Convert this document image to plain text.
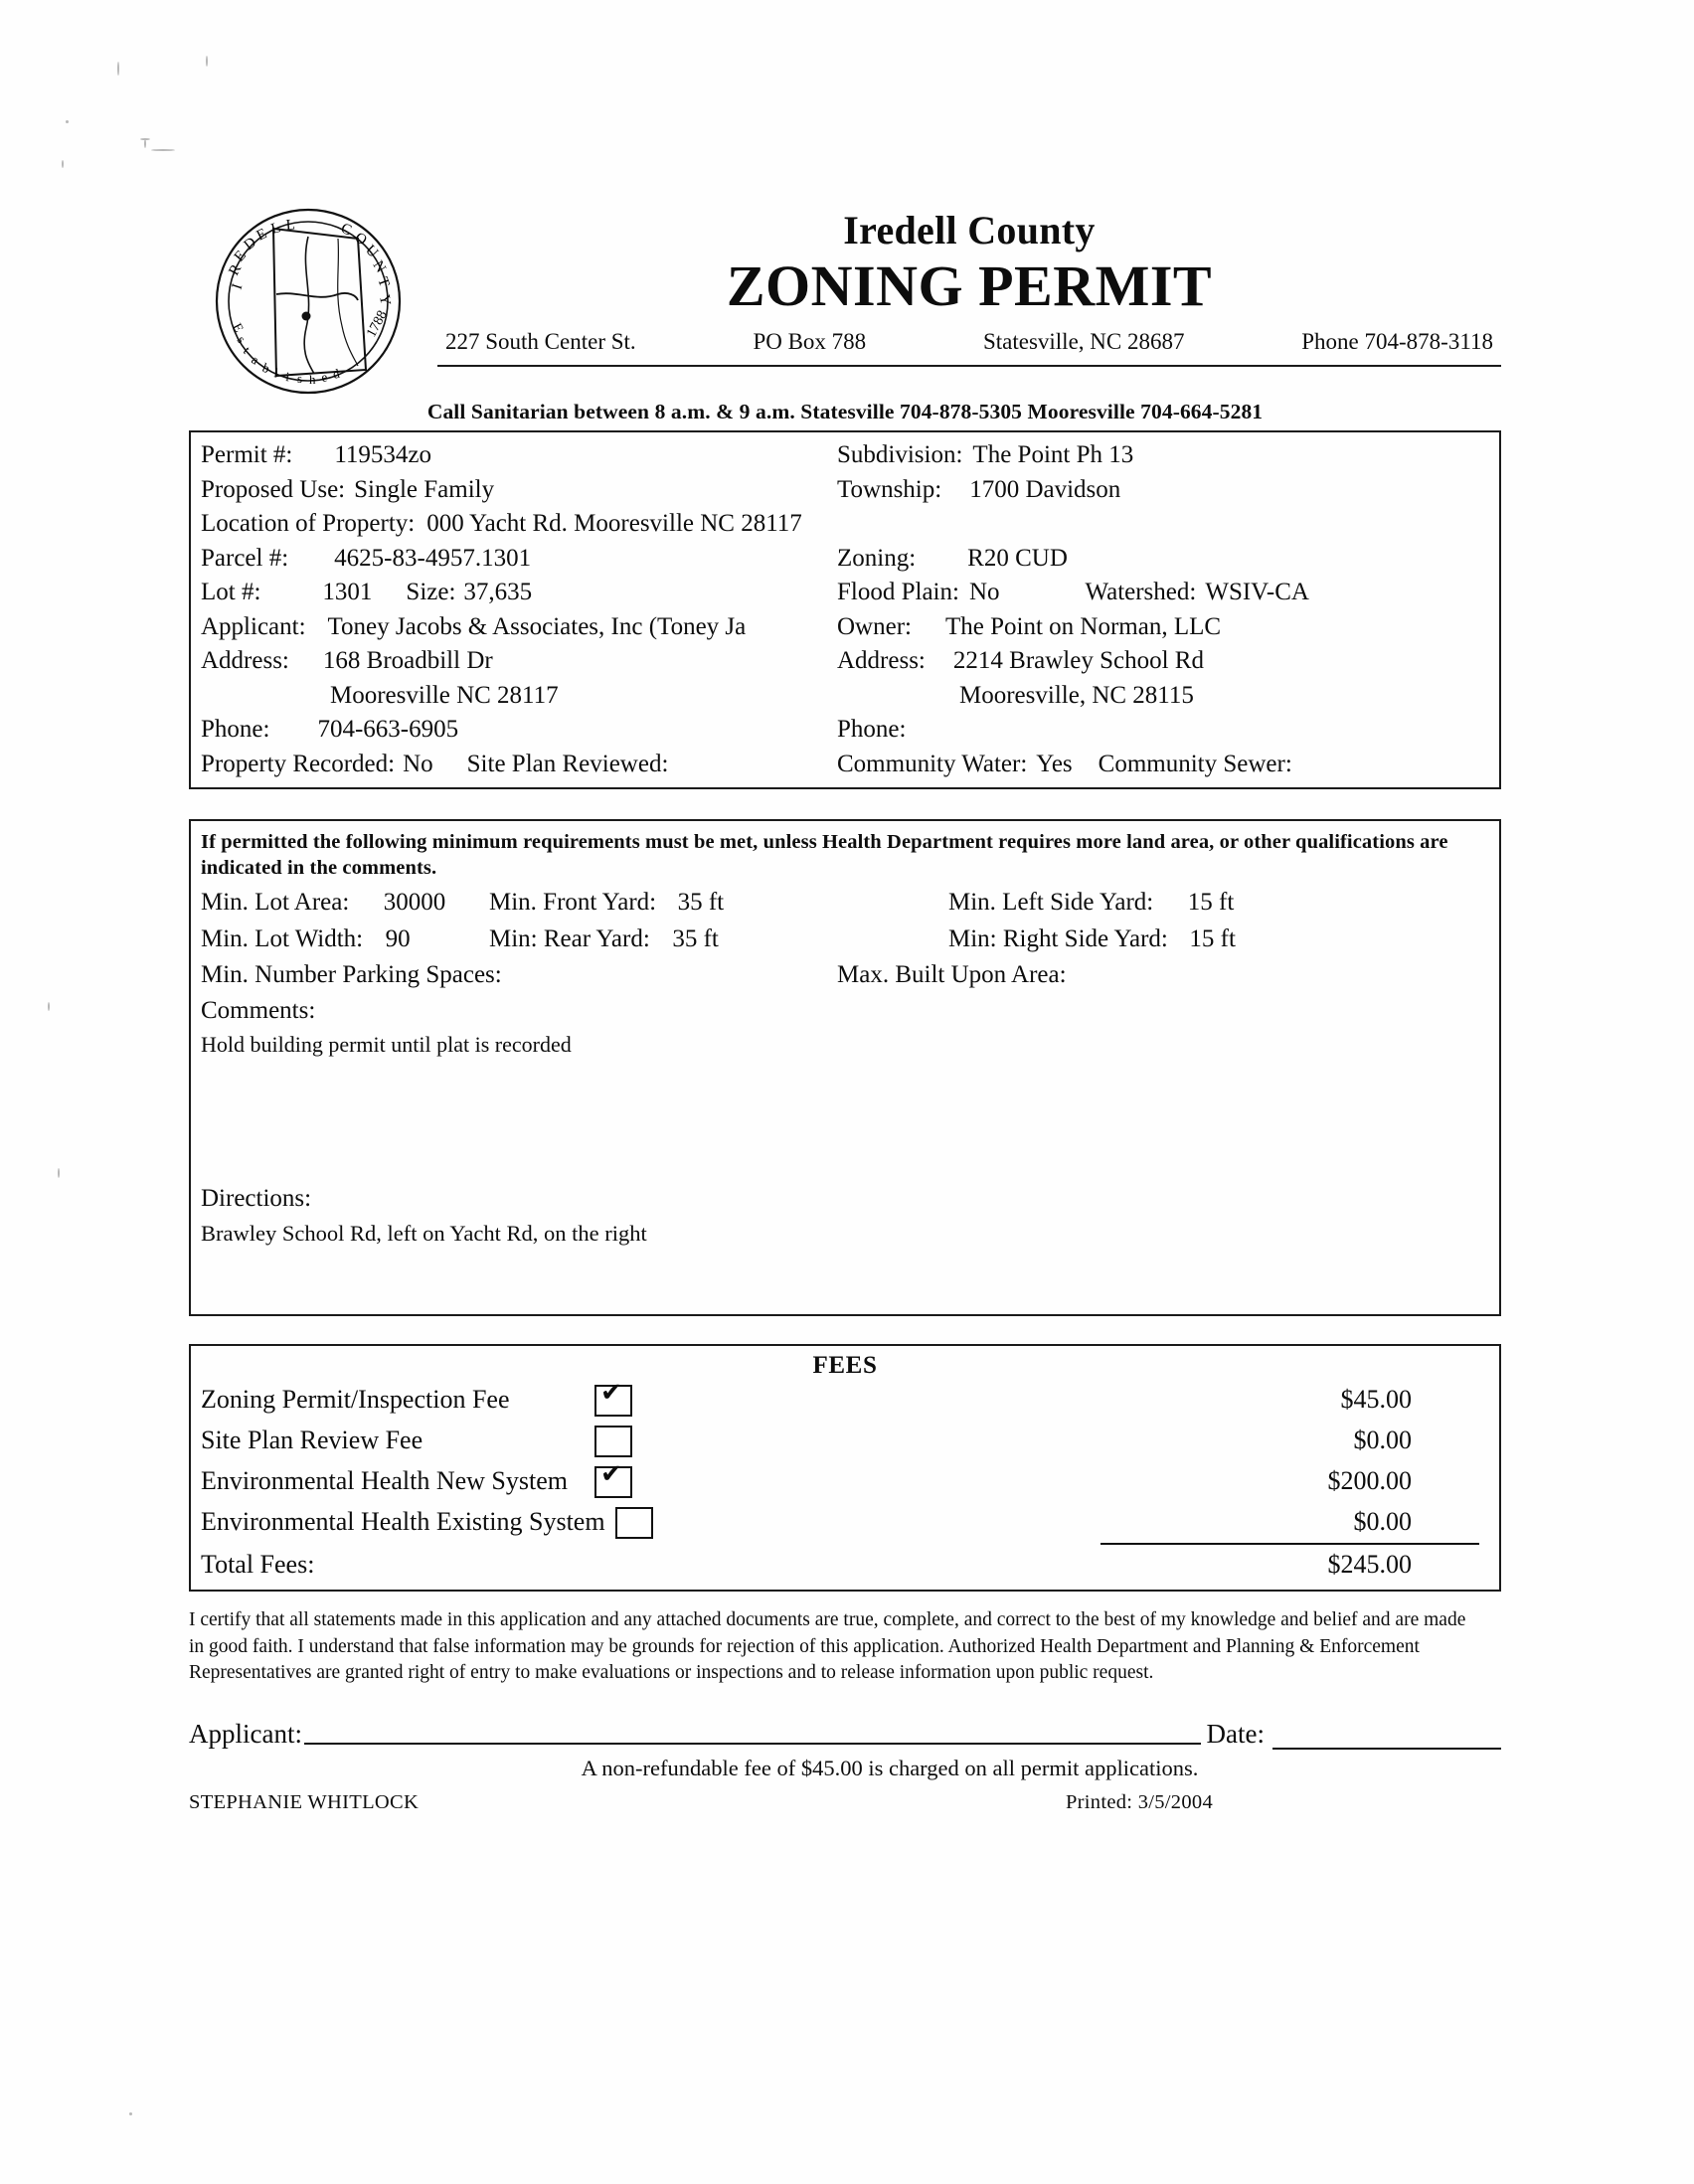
I
R
E
D
E L L	C
O
U
N
T
Y
E
s
t
a
b l i s h e d
1788
Iredell County
ZONING PERMIT
227 South Center St.	PO Box 788	Statesville, NC 28687	Phone 704-878-3118
Call Sanitarian between 8 a.m. & 9 a.m. Statesville 704-878-5305 Mooresville 704-664-5281
Permit #: 119534zo	Subdivision: The Point Ph 13
Proposed Use: Single Family	Township: 1700 Davidson
Location of Property: 000 Yacht Rd. Mooresville NC 28117
Parcel #: 4625-83-4957.1301	Zoning: R20 CUD
Lot #: 1301 Size: 37,635	Flood Plain: No	Watershed: WSIV-CA
Applicant: Toney Jacobs & Associates, Inc (Toney Ja	Owner: The Point on Norman, LLC
Address: 168 Broadbill Dr	Address: 2214 Brawley School Rd
Mooresville NC 28117	Mooresville, NC 28115
Phone: 704-663-6905	Phone:
Property Recorded: No Site Plan Reviewed:	Community Water: Yes Community Sewer:
If permitted the following minimum requirements must be met, unless Health Department requires more land area, or other qualifications are indicated in the comments.
Min. Lot Area: 30000	Min. Front Yard: 35 ft	Min. Left Side Yard: 15 ft
Min. Lot Width: 90	Min: Rear Yard: 35 ft	Min: Right Side Yard: 15 ft
Min. Number Parking Spaces:	Max. Built Upon Area:
Comments:
Hold building permit until plat is recorded
Directions:
Brawley School Rd, left on Yacht Rd, on the right
FEES
Zoning Permit/Inspection Fee ✔	$45.00
Site Plan Review Fee	$0.00
Environmental Health New System ✔	$200.00
Environmental Health Existing System	$0.00
Total Fees:	$245.00
I certify that all statements made in this application and any attached documents are true, complete, and correct to the best of my knowledge and belief and are made in good faith. I understand that false information may be grounds for rejection of this application. Authorized Health Department and Planning & Enforcement Representatives are granted right of entry to make evaluations or inspections and to release information upon public request.
Applicant:	Date:
A non-refundable fee of $45.00 is charged on all permit applications.
STEPHANIE WHITLOCK	Printed: 3/5/2004
